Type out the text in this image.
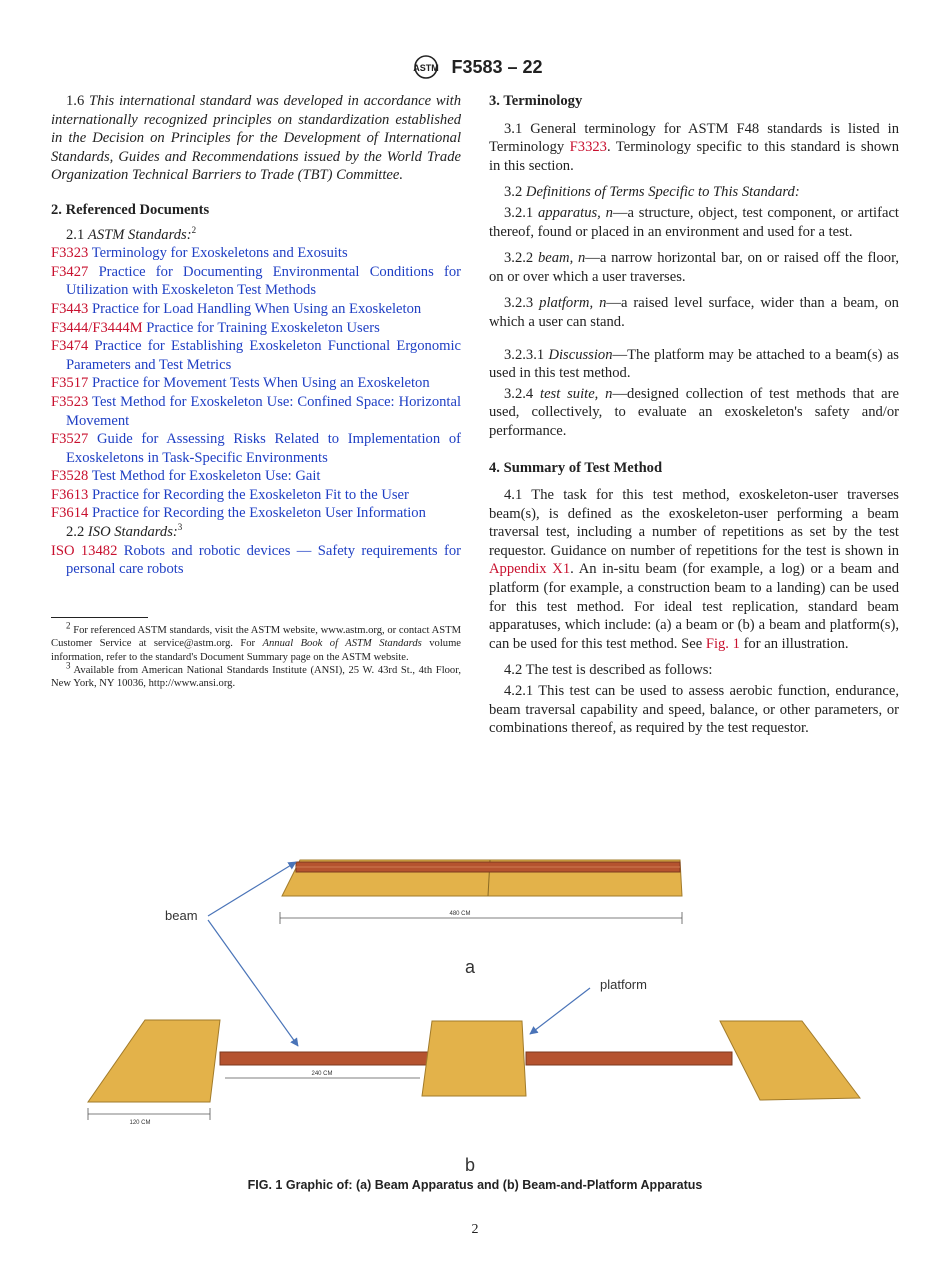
ASTM F3583 – 22

1.6 This international standard was developed in accordance with internationally recognized principles on standardization established in the Decision on Principles for the Development of International Standards, Guides and Recommendations issued by the World Trade Organization Technical Barriers to Trade (TBT) Committee.

2. Referenced Documents

2.1 ASTM Standards:$^2$

F3323 Terminology for Exoskeletons and Exosuits

F3427 Practice for Documenting Environmental Conditions for Utilization with Exoskeleton Test Methods

F3443 Practice for Load Handling When Using an Exoskeleton

F3444/F3444M Practice for Training Exoskeleton Users

F3474 Practice for Establishing Exoskeleton Functional Ergonomic Parameters and Test Metrics

F3517 Practice for Movement Tests When Using an Exoskeleton

F3523 Test Method for Exoskeleton Use: Confined Space: Horizontal Movement

F3527 Guide for Assessing Risks Related to Implementation of Exoskeletons in Task-Specific Environments

F3528 Test Method for Exoskeleton Use: Gait

F3613 Practice for Recording the Exoskeleton Fit to the User

F3614 Practice for Recording the Exoskeleton User Information

2.2 ISO Standards:$^3$

ISO 13482 Robots and robotic devices — Safety requirements for personal care robots

$^2$ For referenced ASTM standards, visit the ASTM website, www.astm.org, or contact ASTM Customer Service at service@astm.org. For Annual Book of ASTM Standards volume information, refer to the standard's Document Summary page on the ASTM website.

$^3$ Available from American National Standards Institute (ANSI), 25 W. 43rd St., 4th Floor, New York, NY 10036, http://www.ansi.org.

3. Terminology

3.1 General terminology for ASTM F48 standards is listed in Terminology F3323. Terminology specific to this standard is shown in this section.

3.2 Definitions of Terms Specific to This Standard:

3.2.1 apparatus, n—a structure, object, test component, or artifact thereof, found or placed in an environment and used for a test.

3.2.2 beam, n—a narrow horizontal bar, on or raised off the floor, on or over which a user traverses.

3.2.3 platform, n—a raised level surface, wider than a beam, on which a user can stand.

3.2.3.1 Discussion—The platform may be attached to a beam(s) as used in this test method.

3.2.4 test suite, n—designed collection of test methods that are used, collectively, to evaluate an exoskeleton's safety and/or performance.

4. Summary of Test Method

4.1 The task for this test method, exoskeleton-user traverses beam(s), is defined as the exoskeleton-user performing a beam traversal test, including a number of repetitions as set by the test requestor. Guidance on number of repetitions for the test is shown in Appendix X1. An in-situ beam (for example, a log) or a beam and platform (for example, a construction beam to a landing) can be used for this test method. For ideal test replication, standard beam apparatuses, which include: (a) a beam or (b) a beam and platform(s), can be used for this test method. See Fig. 1 for an illustration.

4.2 The test is described as follows:

4.2.1 This test can be used to assess aerobic function, endurance, beam traversal capability and speed, balance, or other parameters, or combinations thereof, as required by the test requestor.

480 CM
a
beam
platform
240 CM
120 CM
b
FIG. 1 Graphic of: (a) Beam Apparatus and (b) Beam-and-Platform Apparatus
2
